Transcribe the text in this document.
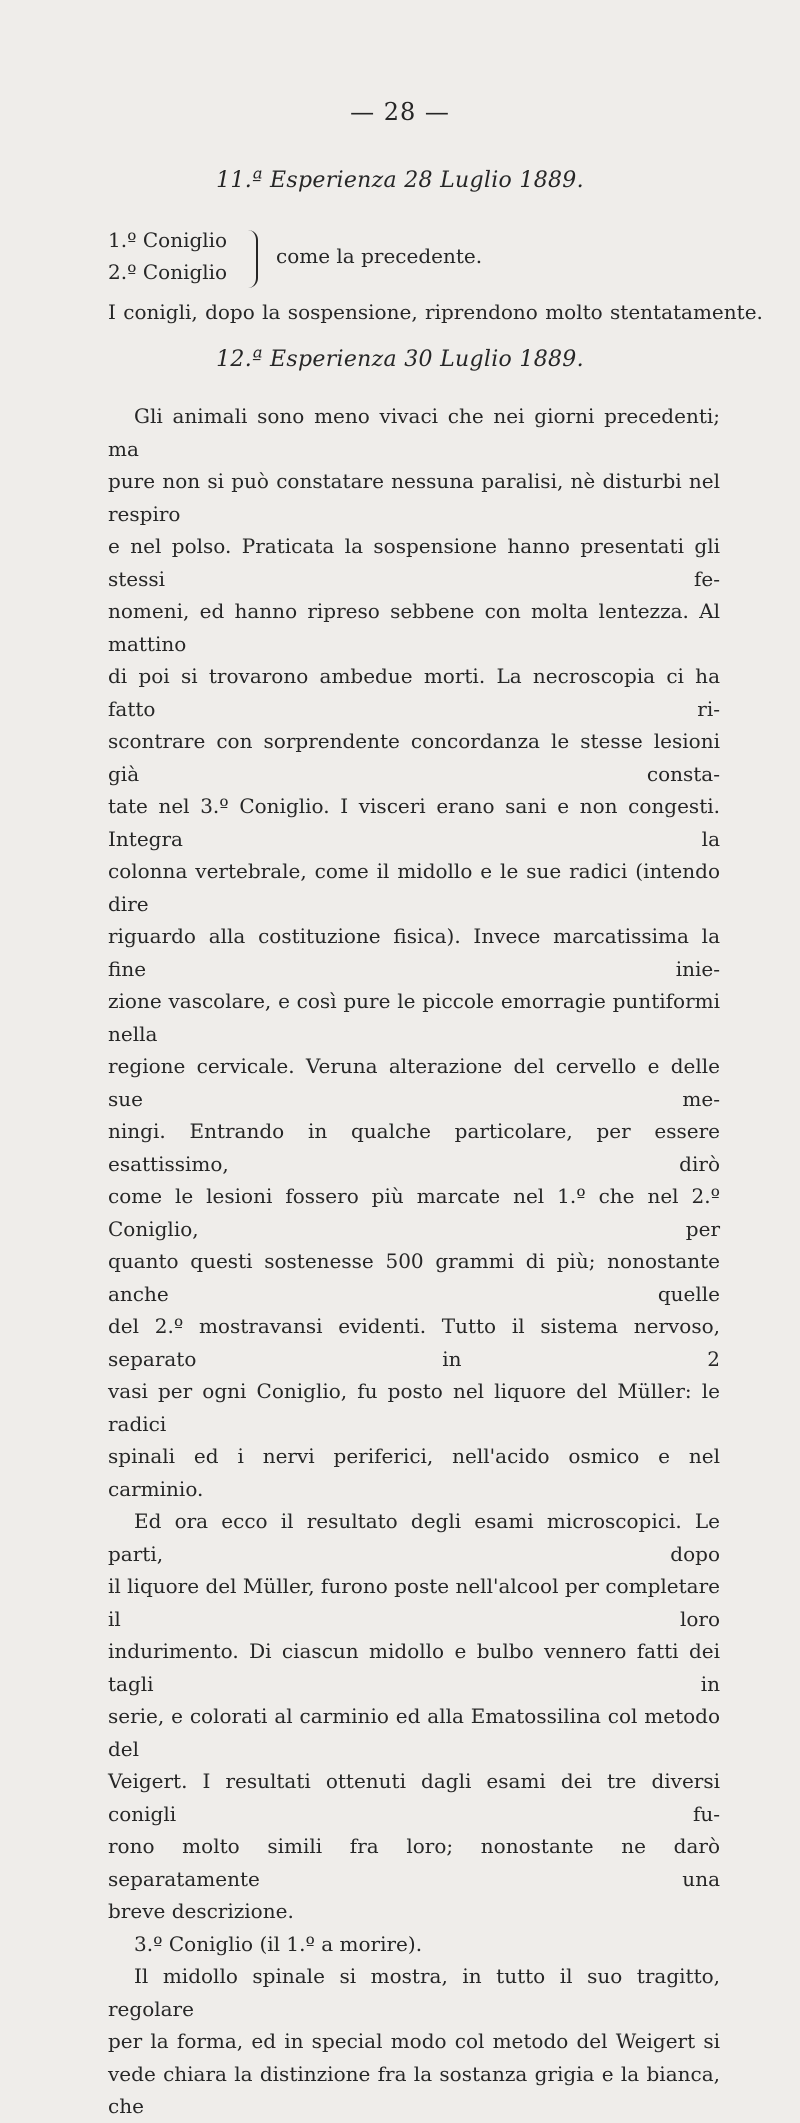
— 28 —
11.ª Esperienza 28 Luglio 1889.
1.º Coniglio
2.º Coniglio
come la precedente.
I conigli, dopo la sospensione, riprendono molto stentatamente.
12.ª Esperienza 30 Luglio 1889.

Gli animali sono meno vivaci che nei giorni precedenti; ma

pure non si può constatare nessuna paralisi, nè disturbi nel respiro

e nel polso. Praticata la sospensione hanno presentati gli stessi fe-

nomeni, ed hanno ripreso sebbene con molta lentezza. Al mattino

di poi si trovarono ambedue morti. La necroscopia ci ha fatto ri-

scontrare con sorprendente concordanza le stesse lesioni già consta-

tate nel 3.º Coniglio. I visceri erano sani e non congesti. Integra la

colonna vertebrale, come il midollo e le sue radici (intendo dire

riguardo alla costituzione fisica). Invece marcatissima la fine inie-

zione vascolare, e così pure le piccole emorragie puntiformi nella

regione cervicale. Veruna alterazione del cervello e delle sue me-

ningi. Entrando in qualche particolare, per essere esattissimo, dirò

come le lesioni fossero più marcate nel 1.º che nel 2.º Coniglio, per

quanto questi sostenesse 500 grammi di più; nonostante anche quelle

del 2.º mostravansi evidenti. Tutto il sistema nervoso, separato in 2

vasi per ogni Coniglio, fu posto nel liquore del Müller: le radici

spinali ed i nervi periferici, nell'acido osmico e nel carminio.

Ed ora ecco il resultato degli esami microscopici. Le parti, dopo

il liquore del Müller, furono poste nell'alcool per completare il loro

indurimento. Di ciascun midollo e bulbo vennero fatti dei tagli in

serie, e colorati al carminio ed alla Ematossilina col metodo del

Veigert. I resultati ottenuti dagli esami dei tre diversi conigli fu-

rono molto simili fra loro; nonostante ne darò separatamente una

breve descrizione.

3.º Coniglio (il 1.º a morire).

Il midollo spinale si mostra, in tutto il suo tragitto, regolare

per la forma, ed in special modo col metodo del Weigert si

vede chiara la distinzione fra la sostanza grigia e la bianca, che
